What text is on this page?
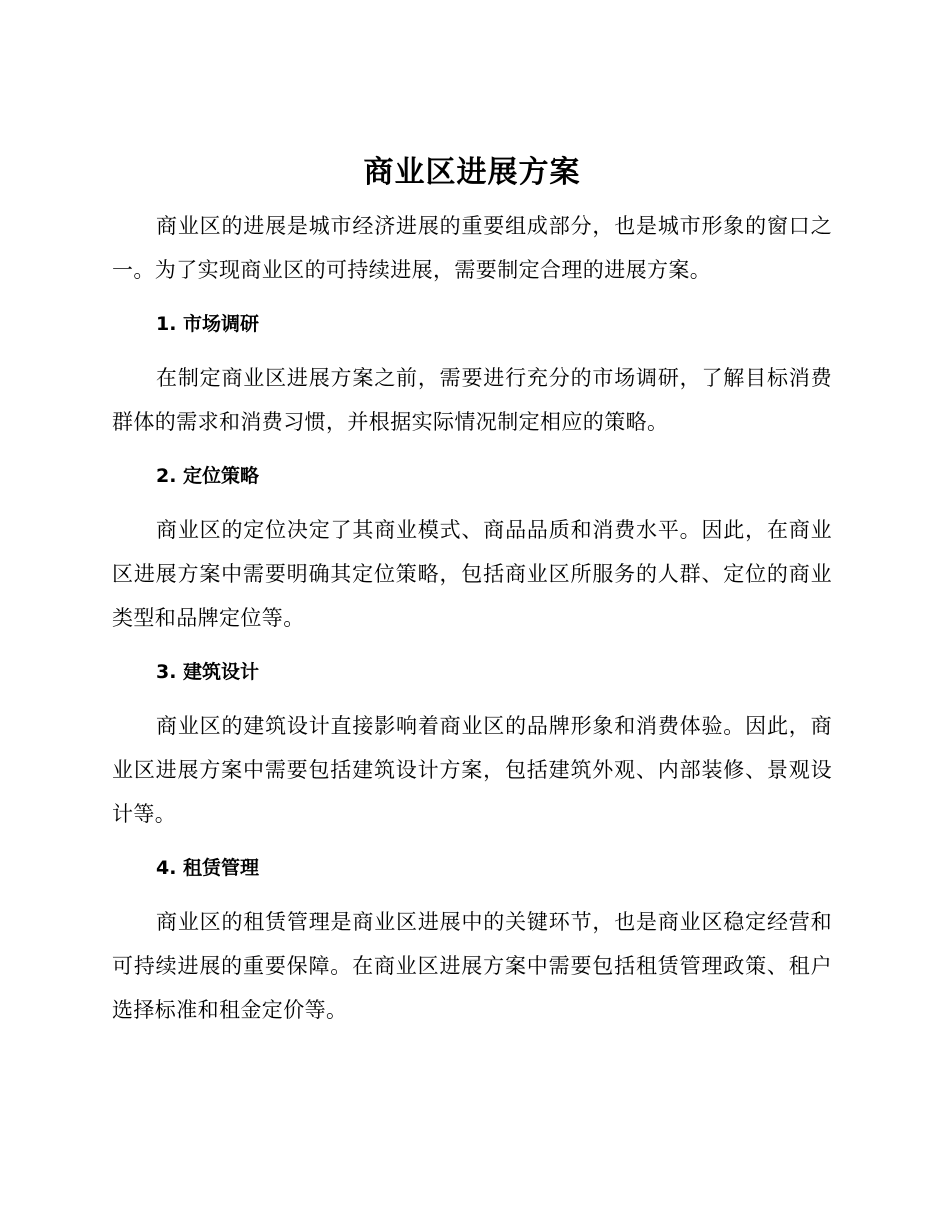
商业区进展方案

商业区的进展是城市经济进展的重要组成部分，也是城市形象的窗口之一。为了实现商业区的可持续进展，需要制定合理的进展方案。

1. 市场调研

在制定商业区进展方案之前，需要进行充分的市场调研，了解目标消费群体的需求和消费习惯，并根据实际情况制定相应的策略。

2. 定位策略

商业区的定位决定了其商业模式、商品品质和消费水平。因此，在商业区进展方案中需要明确其定位策略，包括商业区所服务的人群、定位的商业类型和品牌定位等。

3. 建筑设计

商业区的建筑设计直接影响着商业区的品牌形象和消费体验。因此，商业区进展方案中需要包括建筑设计方案，包括建筑外观、内部装修、景观设计等。

4. 租赁管理

商业区的租赁管理是商业区进展中的关键环节，也是商业区稳定经营和可持续进展的重要保障。在商业区进展方案中需要包括租赁管理政策、租户选择标准和租金定价等。
